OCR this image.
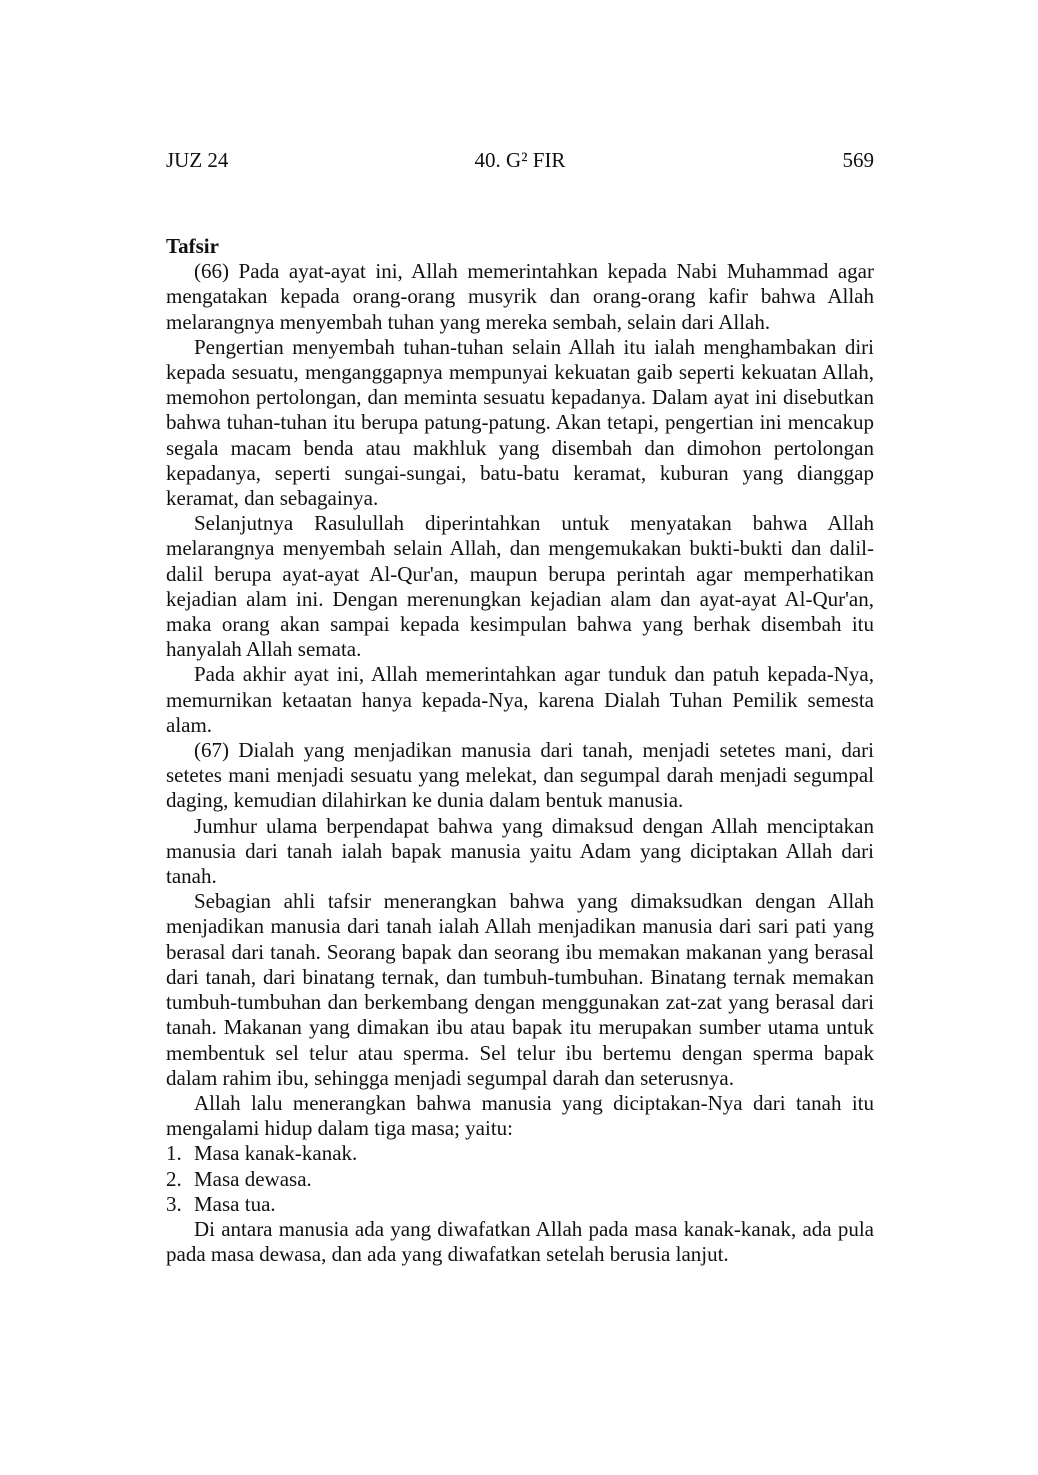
JUZ 24	40. G² FIR	569
Tafsir

(66) Pada ayat-ayat ini, Allah memerintahkan kepada Nabi Muhammad agar mengatakan kepada orang-orang musyrik dan orang-orang kafir bahwa Allah melarangnya menyembah tuhan yang mereka sembah, selain dari Allah.

Pengertian menyembah tuhan-tuhan selain Allah itu ialah menghambakan diri kepada sesuatu, menganggapnya mempunyai kekuatan gaib seperti kekuatan Allah, memohon pertolongan, dan meminta sesuatu kepadanya. Dalam ayat ini disebutkan bahwa tuhan-tuhan itu berupa patung-patung. Akan tetapi, pengertian ini mencakup segala macam benda atau makhluk yang disembah dan dimohon pertolongan kepadanya, seperti sungai-sungai, batu-batu keramat, kuburan yang dianggap keramat, dan sebagainya.

Selanjutnya Rasulullah diperintahkan untuk menyatakan bahwa Allah melarangnya menyembah selain Allah, dan mengemukakan bukti-bukti dan dalil-dalil berupa ayat-ayat Al-Qur'an, maupun berupa perintah agar memperhatikan kejadian alam ini. Dengan merenungkan kejadian alam dan ayat-ayat Al-Qur'an, maka orang akan sampai kepada kesimpulan bahwa yang berhak disembah itu hanyalah Allah semata.

Pada akhir ayat ini, Allah memerintahkan agar tunduk dan patuh kepada-Nya, memurnikan ketaatan hanya kepada-Nya, karena Dialah Tuhan Pemilik semesta alam.

(67) Dialah yang menjadikan manusia dari tanah, menjadi setetes mani, dari setetes mani menjadi sesuatu yang melekat, dan segumpal darah menjadi segumpal daging, kemudian dilahirkan ke dunia dalam bentuk manusia.

Jumhur ulama berpendapat bahwa yang dimaksud dengan Allah menciptakan manusia dari tanah ialah bapak manusia yaitu Adam yang diciptakan Allah dari tanah.

Sebagian ahli tafsir menerangkan bahwa yang dimaksudkan dengan Allah menjadikan manusia dari tanah ialah Allah menjadikan manusia dari sari pati yang berasal dari tanah. Seorang bapak dan seorang ibu memakan makanan yang berasal dari tanah, dari binatang ternak, dan tumbuh-tumbuhan. Binatang ternak memakan tumbuh-tumbuhan dan berkembang dengan menggunakan zat-zat yang berasal dari tanah. Makanan yang dimakan ibu atau bapak itu merupakan sumber utama untuk membentuk sel telur atau sperma. Sel telur ibu bertemu dengan sperma bapak dalam rahim ibu, sehingga menjadi segumpal darah dan seterusnya.

Allah lalu menerangkan bahwa manusia yang diciptakan-Nya dari tanah itu mengalami hidup dalam tiga masa; yaitu:

1. Masa kanak-kanak.
2. Masa dewasa.
3. Masa tua.

Di antara manusia ada yang diwafatkan Allah pada masa kanak-kanak, ada pula pada masa dewasa, dan ada yang diwafatkan setelah berusia lanjut.
